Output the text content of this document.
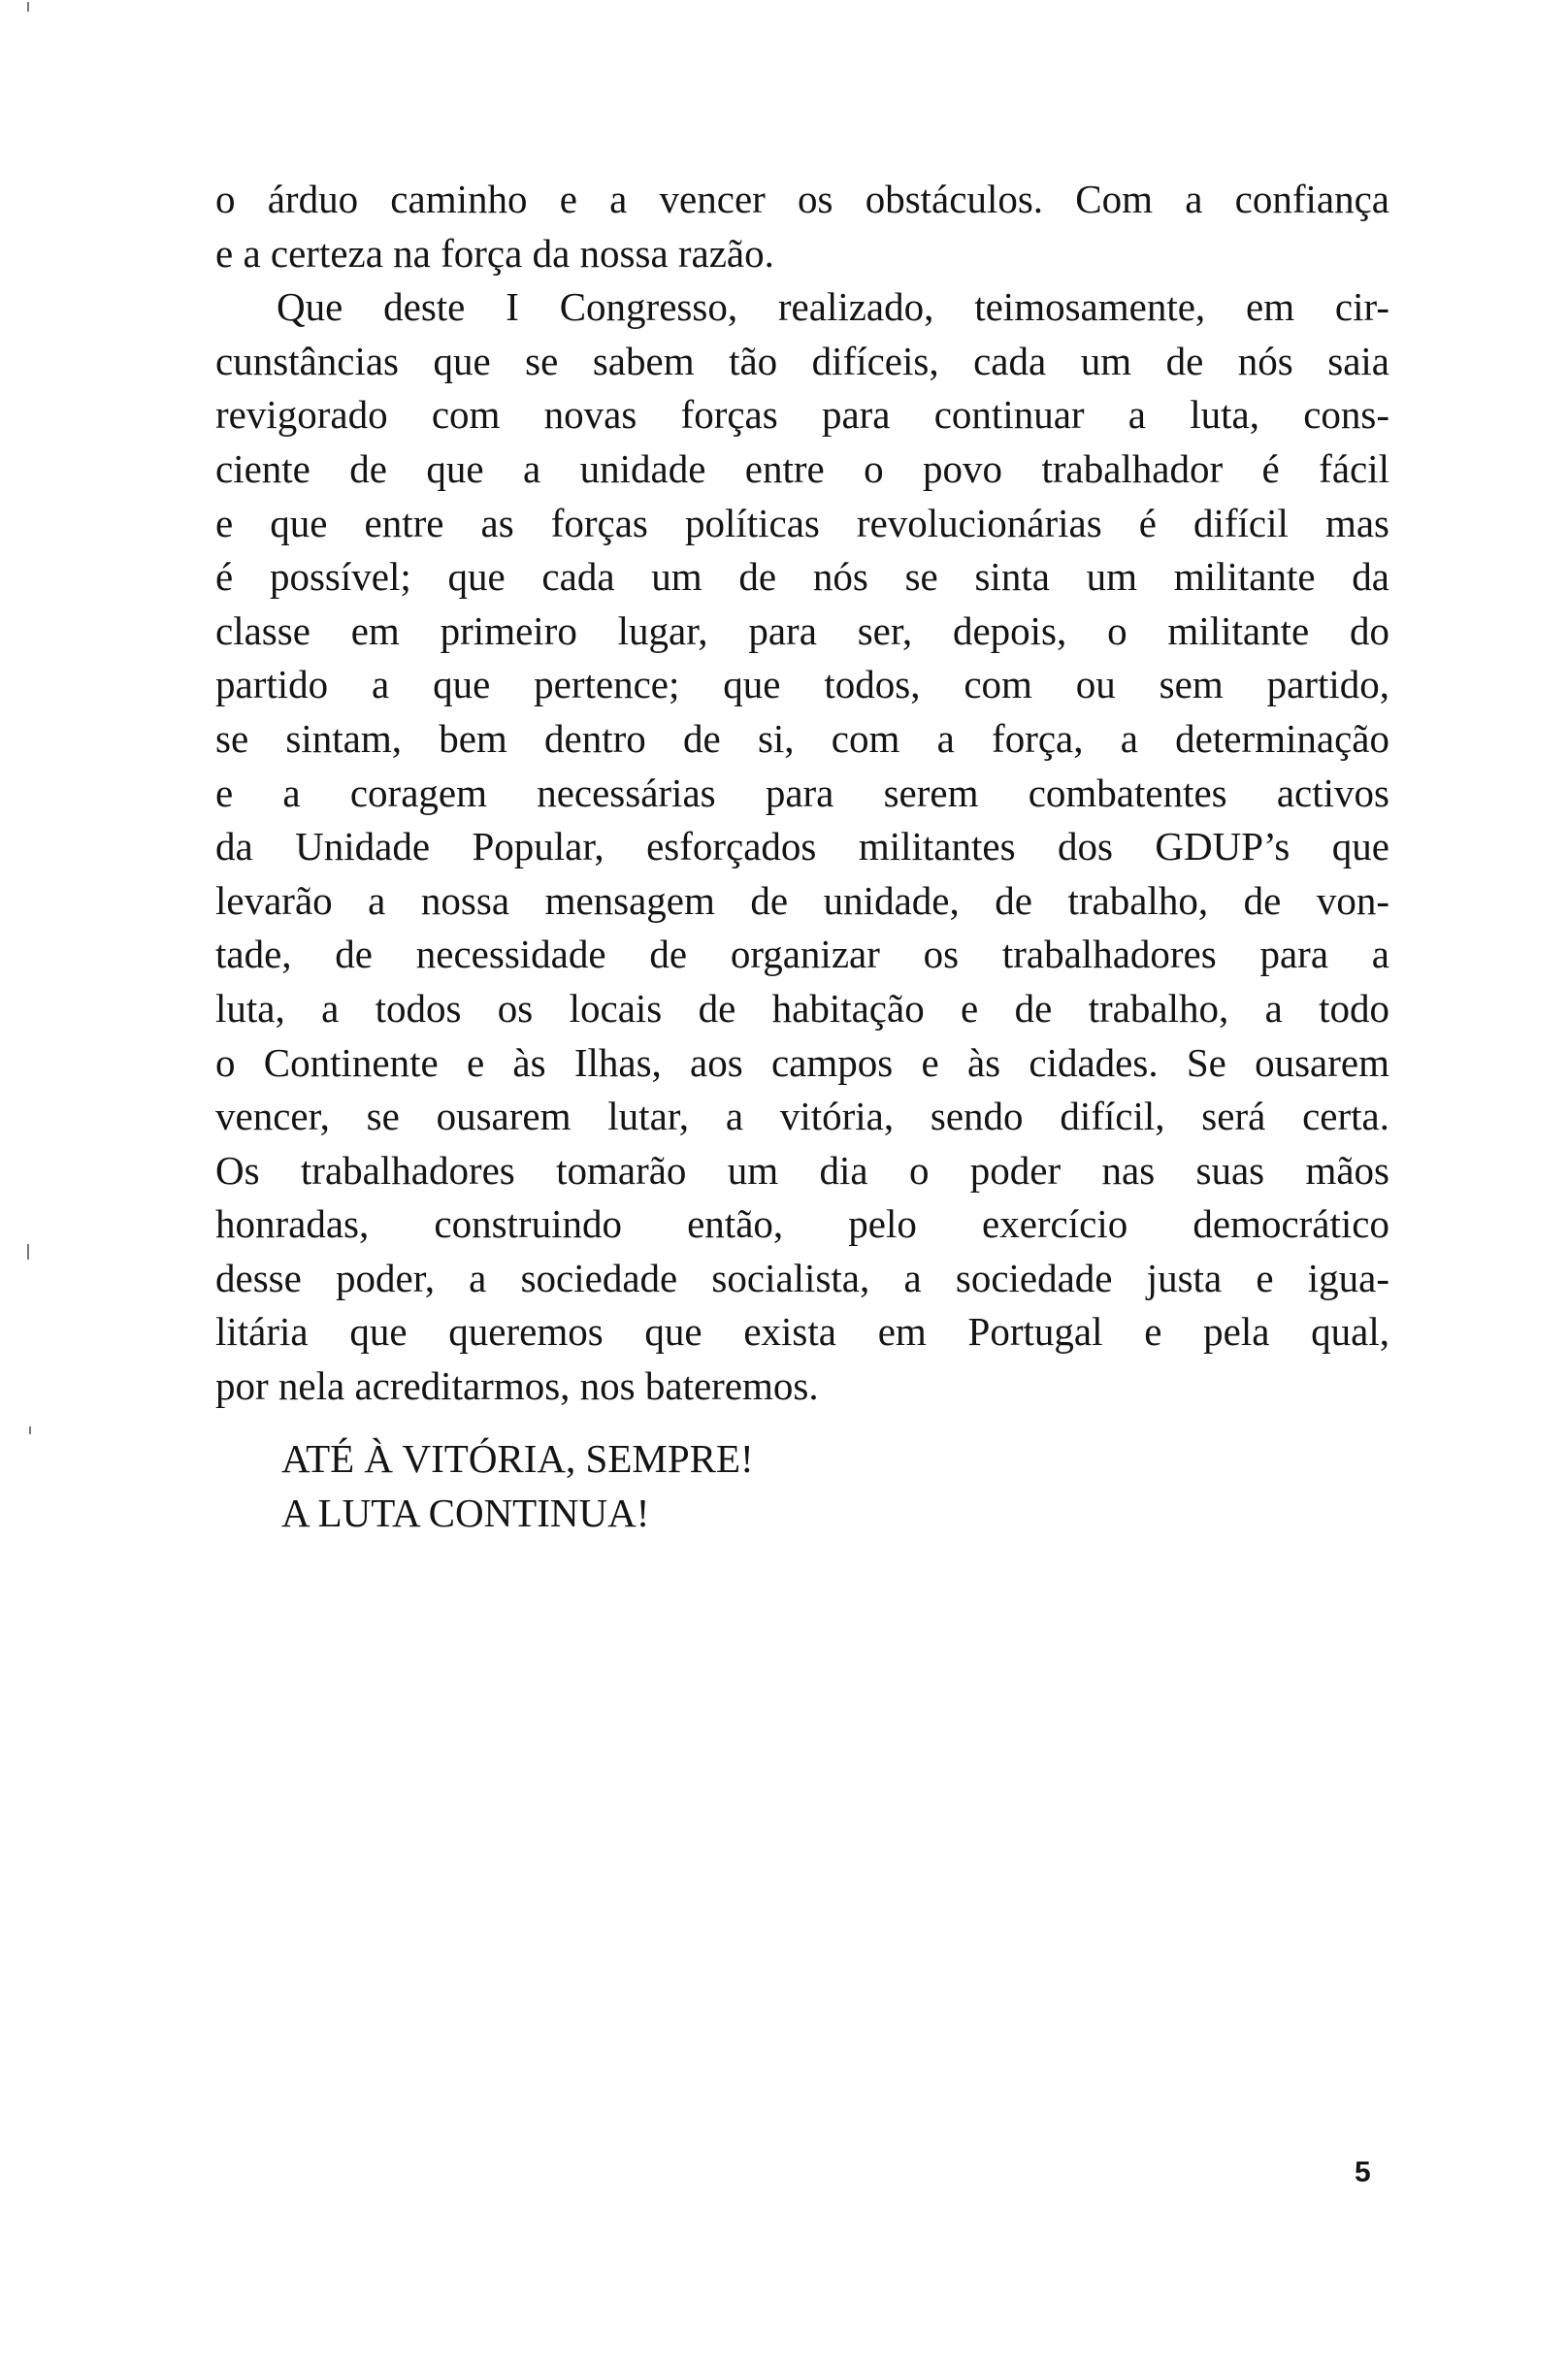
o árduo caminho e a vencer os obstáculos. Com a confiança
e a certeza na força da nossa razão.
Que deste I Congresso, realizado, teimosamente, em cir-
cunstâncias que se sabem tão difíceis, cada um de nós saia
revigorado com novas forças para continuar a luta, cons-
ciente de que a unidade entre o povo trabalhador é fácil
e que entre as forças políticas revolucionárias é difícil mas
é possível; que cada um de nós se sinta um militante da
classe em primeiro lugar, para ser, depois, o militante do
partido a que pertence; que todos, com ou sem partido,
se sintam, bem dentro de si, com a força, a determinação
e a coragem necessárias para serem combatentes activos
da Unidade Popular, esforçados militantes dos GDUP’s que
levarão a nossa mensagem de unidade, de trabalho, de von-
tade, de necessidade de organizar os trabalhadores para a
luta, a todos os locais de habitação e de trabalho, a todo
o Continente e às Ilhas, aos campos e às cidades. Se ousarem
vencer, se ousarem lutar, a vitória, sendo difícil, será certa.
Os trabalhadores tomarão um dia o poder nas suas mãos
honradas, construindo então, pelo exercício democrático
desse poder, a sociedade socialista, a sociedade justa e igua-
litária que queremos que exista em Portugal e pela qual,
por nela acreditarmos, nos bateremos.
ATÉ À VITÓRIA, SEMPRE!
A LUTA CONTINUA!
5
